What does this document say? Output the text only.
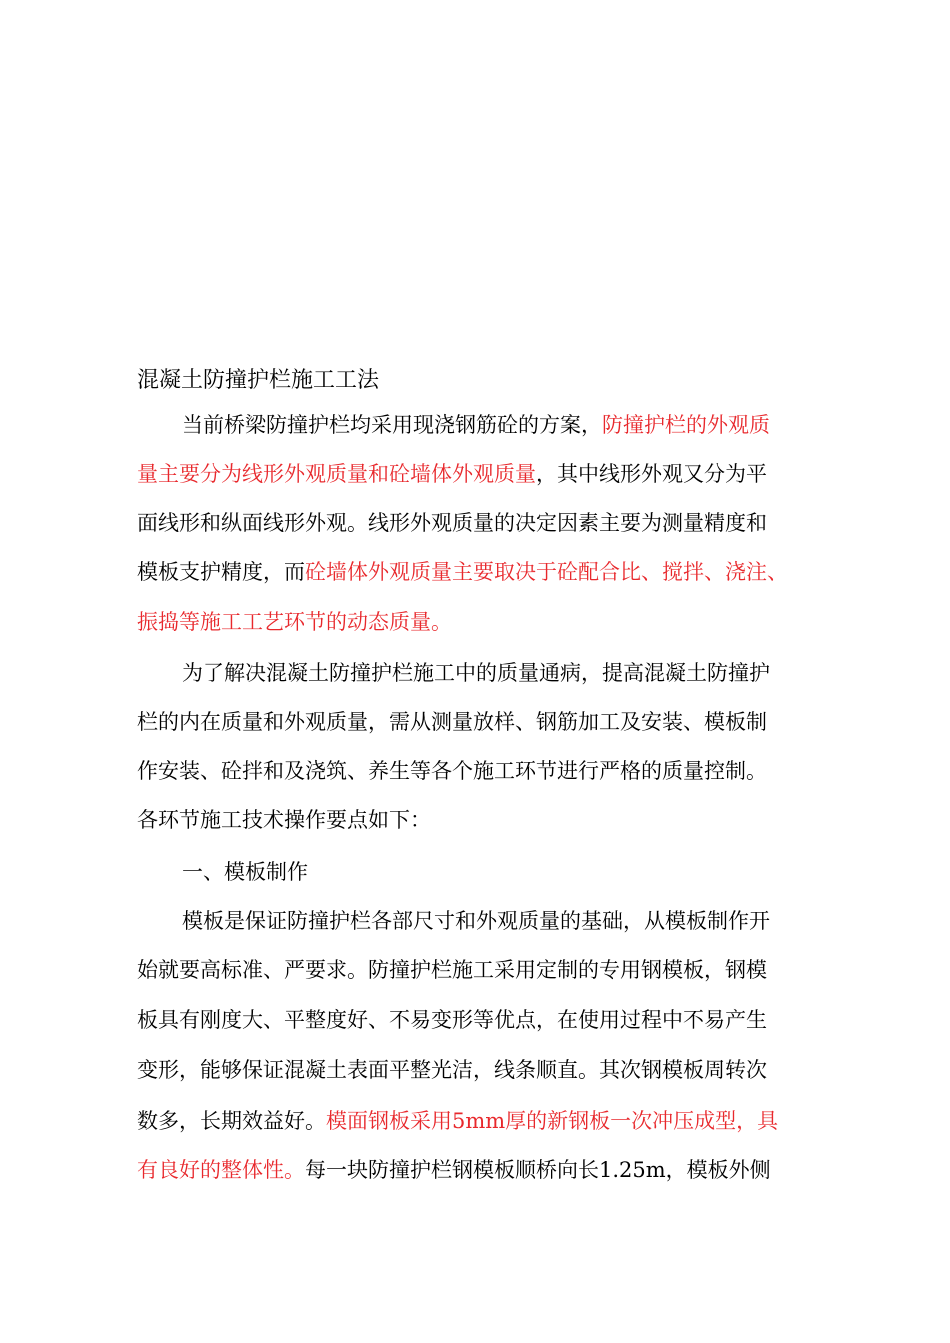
混凝土防撞护栏施工工法
当前桥梁防撞护栏均采用现浇钢筋砼的方案，防撞护栏的外观质
量主要分为线形外观质量和砼墙体外观质量，其中线形外观又分为平
面线形和纵面线形外观。线形外观质量的决定因素主要为测量精度和
模板支护精度，而砼墙体外观质量主要取决于砼配合比、搅拌、浇注、
振捣等施工工艺环节的动态质量。
为了解决混凝土防撞护栏施工中的质量通病，提高混凝土防撞护
栏的内在质量和外观质量，需从测量放样、钢筋加工及安装、模板制
作安装、砼拌和及浇筑、养生等各个施工环节进行严格的质量控制。
各环节施工技术操作要点如下：
一、模板制作
模板是保证防撞护栏各部尺寸和外观质量的基础，从模板制作开
始就要高标准、严要求。防撞护栏施工采用定制的专用钢模板，钢模
板具有刚度大、平整度好、不易变形等优点，在使用过程中不易产生
变形，能够保证混凝土表面平整光洁，线条顺直。其次钢模板周转次
数多，长期效益好。模面钢板采用5mm厚的新钢板一次冲压成型，具
有良好的整体性。每一块防撞护栏钢模板顺桥向长1.25m，模板外侧
